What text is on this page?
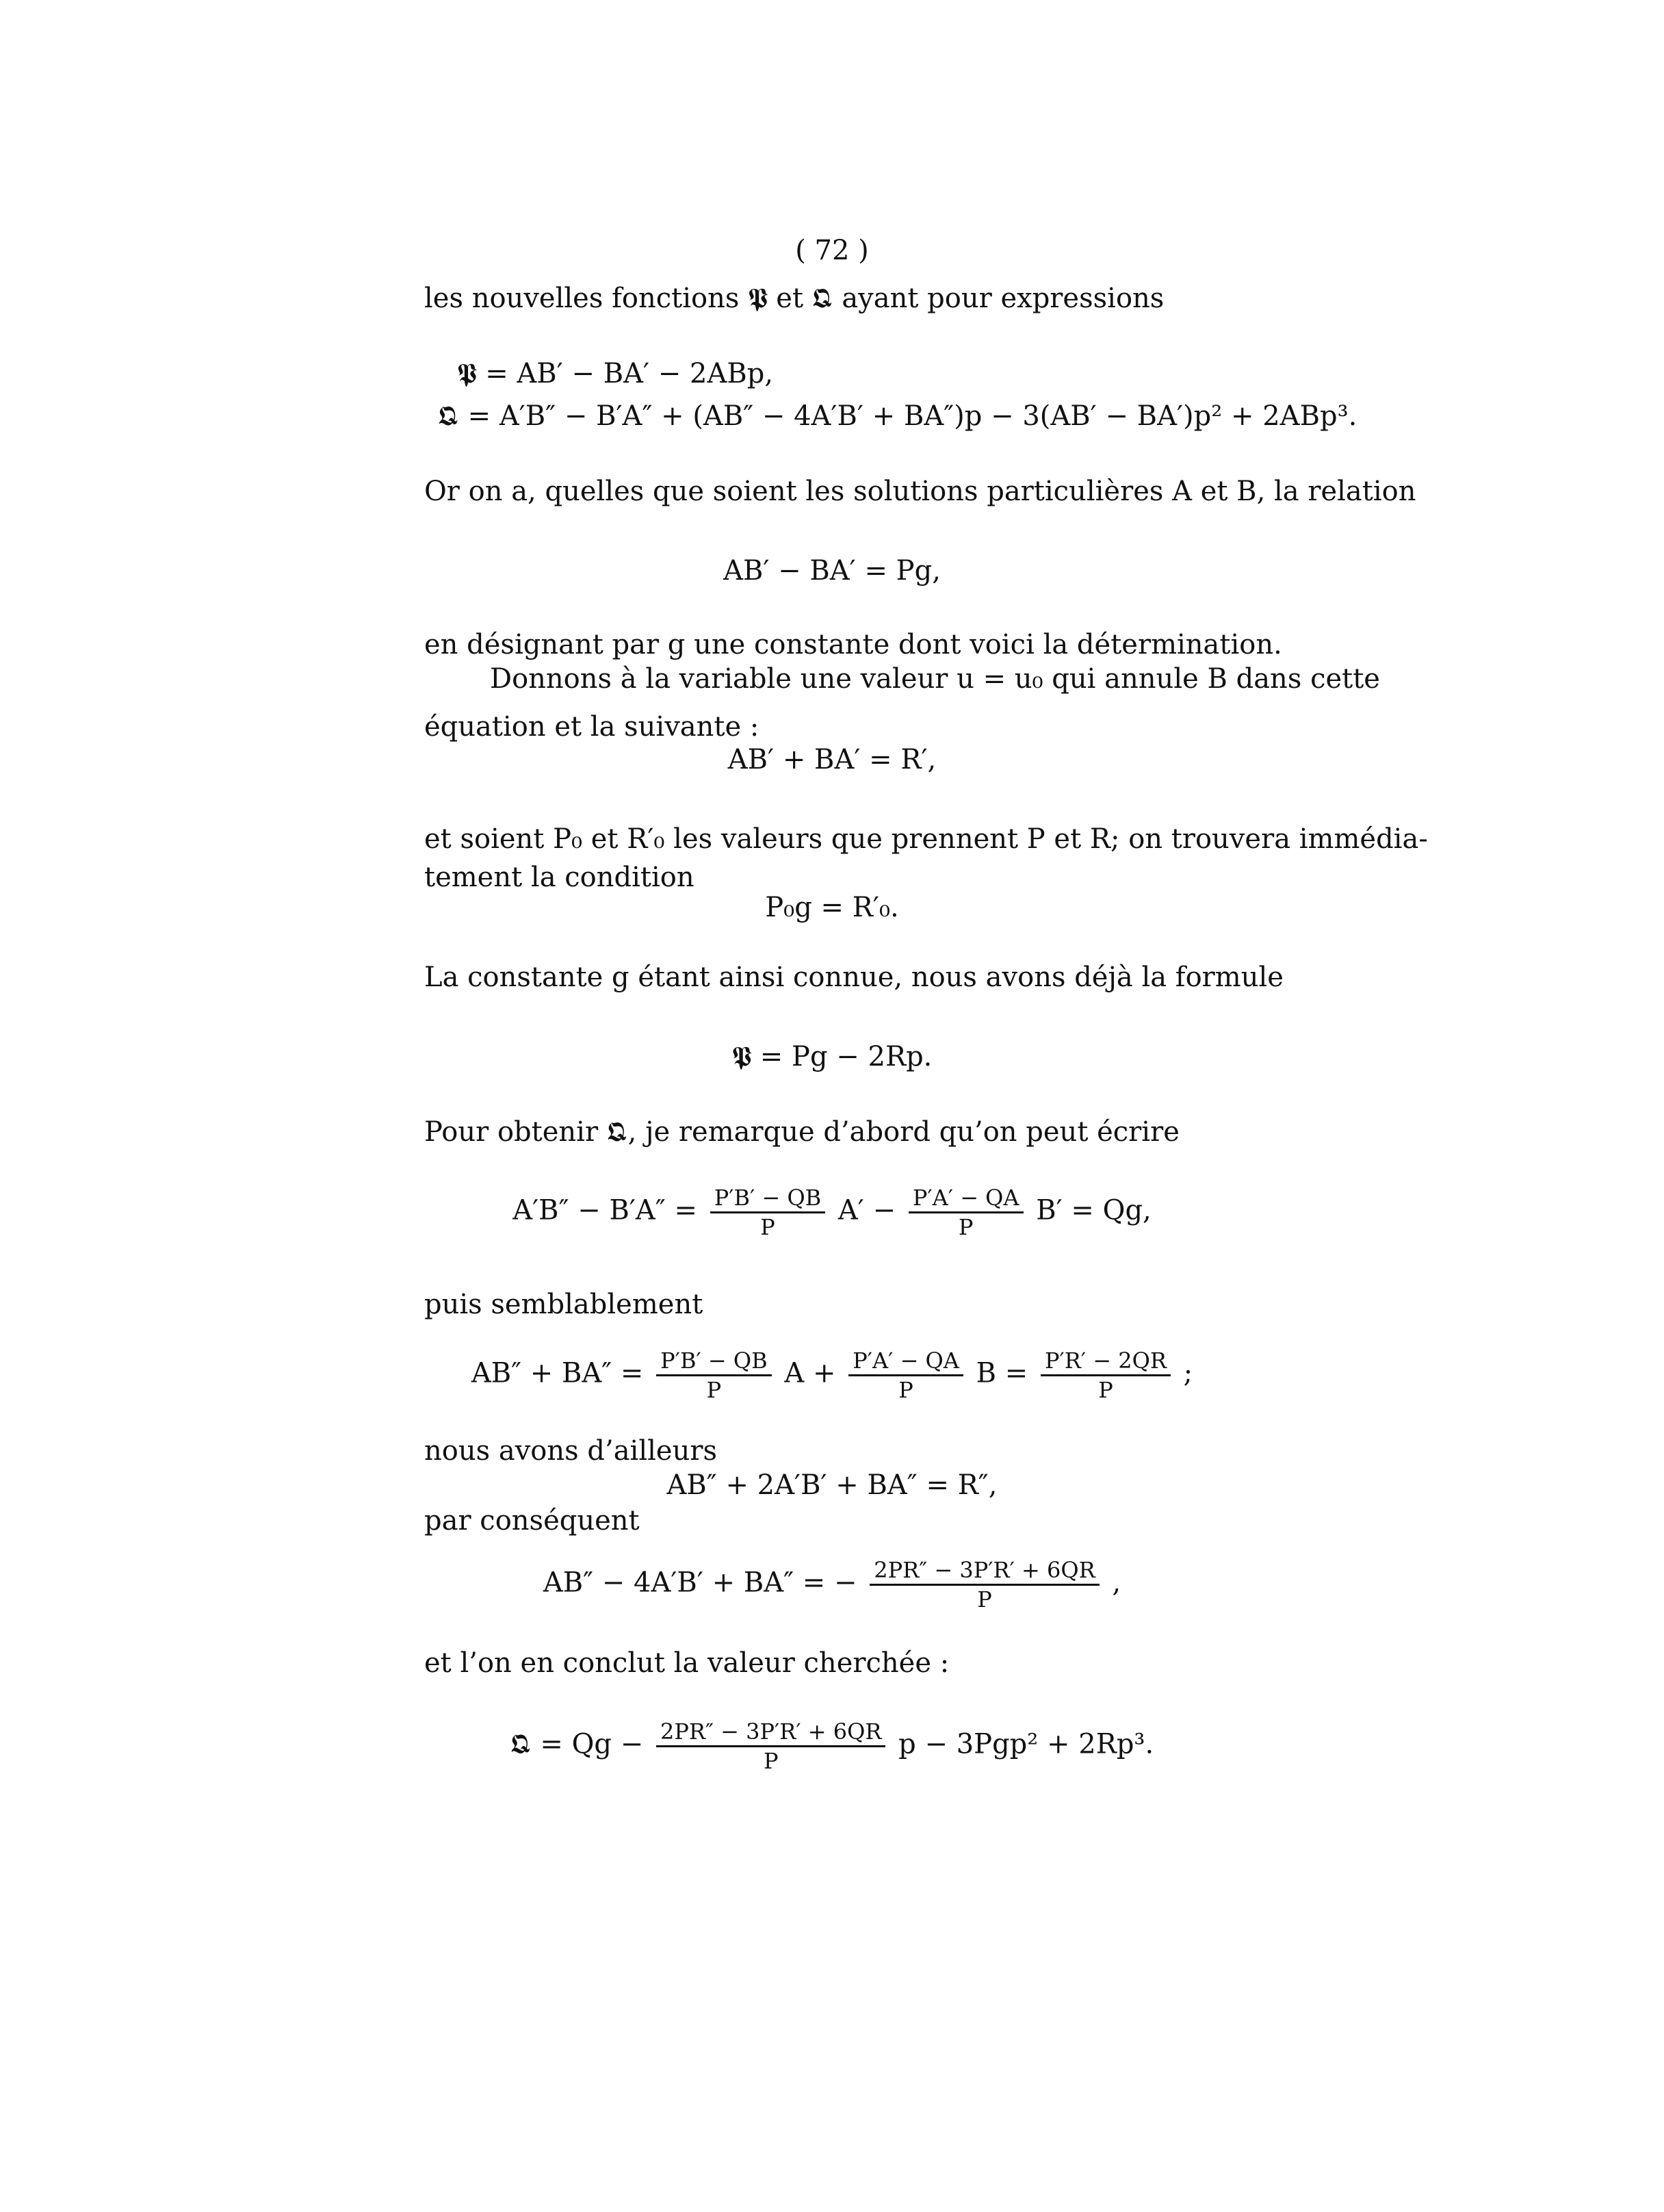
( 72 )
les nouvelles fonctions 𝕻 et 𝕼 ayant pour expressions
𝕻 = AB′ − BA′ − 2ABp,
𝕼 = A′B″ − B′A″ + (AB″ − 4A′B′ + BA″)p − 3(AB′ − BA′)p² + 2ABp³.
Or on a, quelles que soient les solutions particulières A et B, la relation
AB′ − BA′ = Pg,
en désignant par g une constante dont voici la détermination.
Donnons à la variable une valeur u = u₀ qui annule B dans cette
équation et la suivante :
AB′ + BA′ = R′,
et soient P₀ et R′₀ les valeurs que prennent P et R; on trouvera immédia-
tement la condition
P₀g = R′₀.
La constante g étant ainsi connue, nous avons déjà la formule
𝕻 = Pg − 2Rp.
Pour obtenir 𝕼, je remarque d’abord qu’on peut écrire
$A'B'' - B'A'' = \frac{P'B' - QB}{P} A' - \frac{P'A' - QA}{P} B' = Qg$,
puis semblablement
$AB'' + BA'' = \frac{P'B' - QB}{P}$ $A + \frac{P'A' - QA}{P}$ $B = \frac{P'R' - 2QR}{P}$ ;
nous avons d’ailleurs
AB″ + 2A′B′ + BA″ = R″,
par conséquent
AB″ − 4A′B′ + BA″ = − $\frac{2PR'' - 3P'R' + 6QR}{P}$ ,
et l’on en conclut la valeur cherchée :
𝕼 = $Qg - \frac{2PR'' - 3P'R' + 6QR}{P}$ p − 3Pgp² + 2Rp³.
